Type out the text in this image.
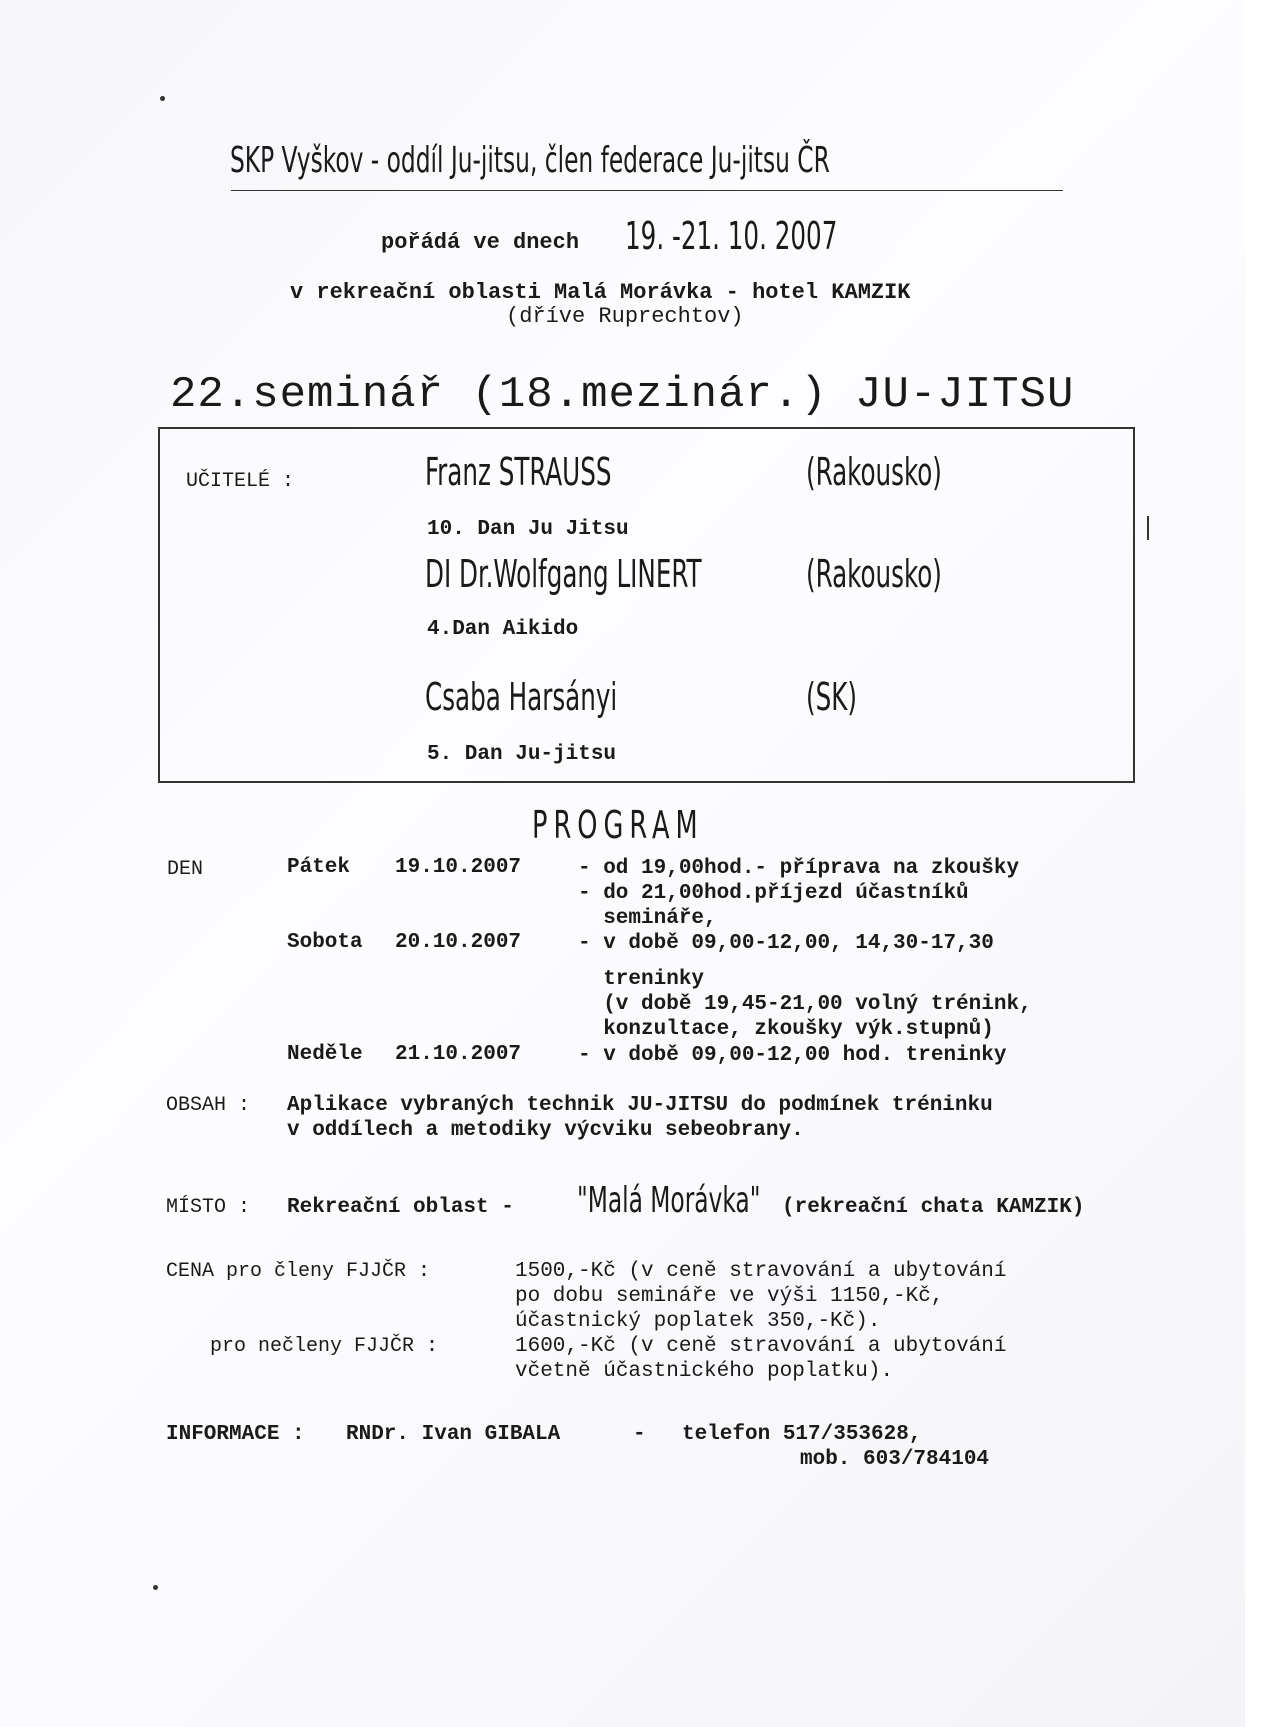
SKP Vyškov - oddíl Ju-jitsu, člen federace Ju-jitsu ČR
pořádá ve dnech 19. -21. 10. 2007
v rekreační oblasti Malá Morávka - hotel KAMZIK
(dříve Ruprechtov)
22.seminář (18.mezinár.) JU-JITSU
UČITELÉ :	Franz STRAUSS	(Rakousko)
10. Dan Ju Jitsu
DI Dr.Wolfgang LINERT	(Rakousko)
4.Dan Aikido
Csaba Harsányi	(SK)
5. Dan Ju-jitsu
PROGRAM
DEN	Pátek 19.10.2007	- od 19,00hod.- příprava na zkoušky
- do 21,00hod.příjezd účastníků
semináře,
Sobota 20.10.2007	- v době 09,00-12,00, 14,30-17,30
treninky
(v době 19,45-21,00 volný trénink,
konzultace, zkoušky výk.stupnů)
Neděle 21.10.2007	- v době 09,00-12,00 hod. treninky
OBSAH : Aplikace vybraných technik JU-JITSU do podmínek tréninku
v oddílech a metodiky výcviku sebeobrany.
MÍSTO : Rekreační oblast - "Malá Morávka" (rekreační chata KAMZIK)
CENA pro členy FJJČR :	1500,-Kč (v ceně stravování a ubytování
po dobu semináře ve výši 1150,-Kč,
účastnický poplatek 350,-Kč).
pro nečleny FJJČR :	1600,-Kč (v ceně stravování a ubytování
včetně účastnického poplatku).
INFORMACE : RNDr. Ivan GIBALA	- telefon 517/353628,
mob. 603/784104
